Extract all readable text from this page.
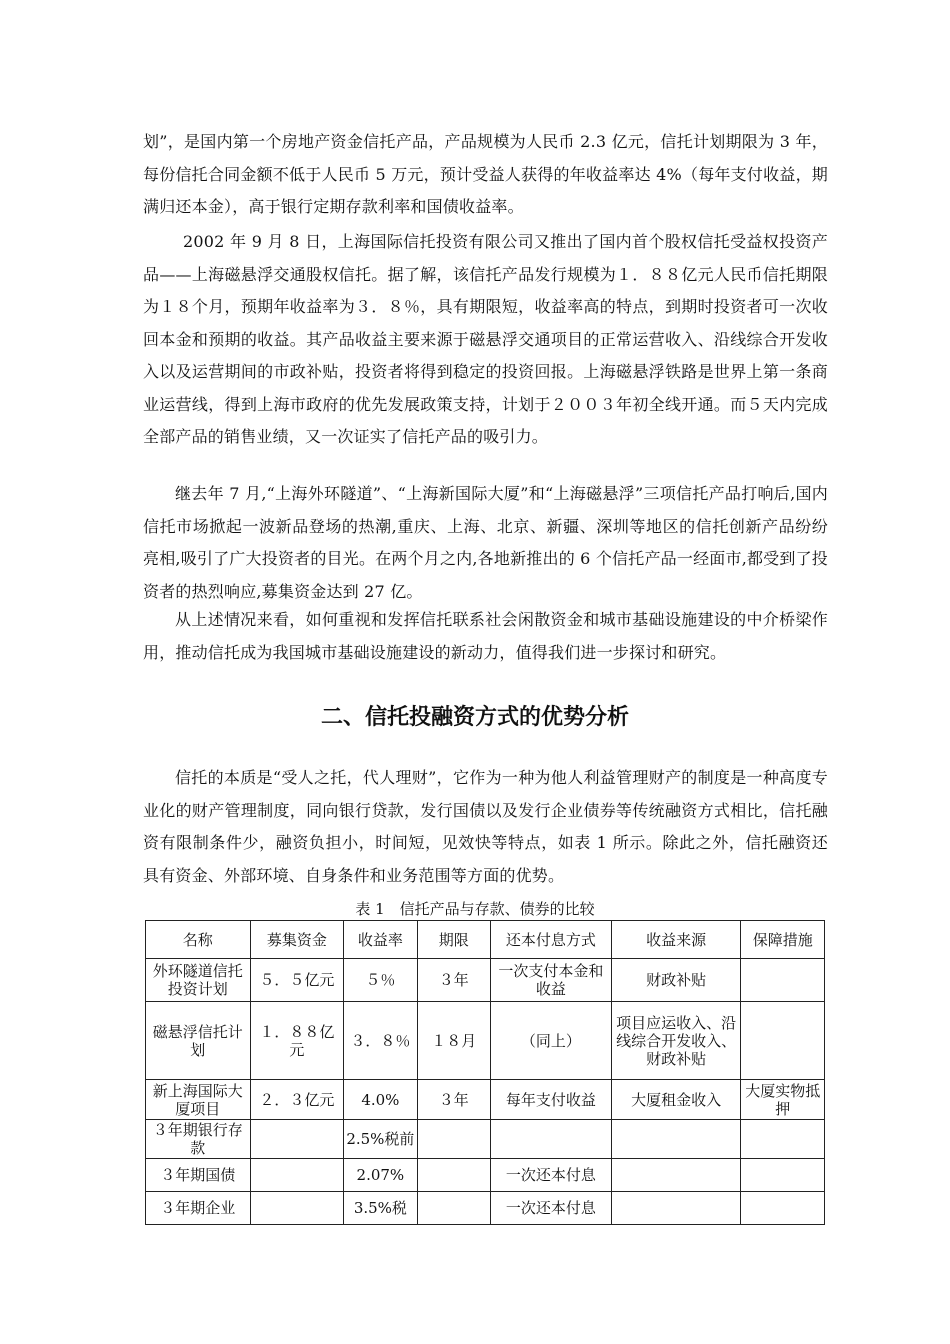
划”，是国内第一个房地产资金信托产品，产品规模为人民币 2.3 亿元，信托计划期限为 3 年，每份信托合同金额不低于人民币 5 万元，预计受益人获得的年收益率达 4%（每年支付收益，期满归还本金），高于银行定期存款利率和国债收益率。

2002 年 9 月 8 日，上海国际信托投资有限公司又推出了国内首个股权信托受益权投资产品——上海磁悬浮交通股权信托。据了解，该信托产品发行规模为１．８８亿元人民币信托期限为１８个月，预期年收益率为３．８％，具有期限短，收益率高的特点，到期时投资者可一次收回本金和预期的收益。其产品收益主要来源于磁悬浮交通项目的正常运营收入、沿线综合开发收入以及运营期间的市政补贴，投资者将得到稳定的投资回报。上海磁悬浮铁路是世界上第一条商业运营线，得到上海市政府的优先发展政策支持，计划于２００３年初全线开通。而５天内完成全部产品的销售业绩，又一次证实了信托产品的吸引力。

继去年 7 月,“上海外环隧道”、“上海新国际大厦”和“上海磁悬浮”三项信托产品打响后,国内信托市场掀起一波新品登场的热潮,重庆、上海、北京、新疆、深圳等地区的信托创新产品纷纷亮相,吸引了广大投资者的目光。在两个月之内,各地新推出的 6 个信托产品一经面市,都受到了投资者的热烈响应,募集资金达到 27 亿。

从上述情况来看，如何重视和发挥信托联系社会闲散资金和城市基础设施建设的中介桥梁作用，推动信托成为我国城市基础设施建设的新动力，值得我们进一步探讨和研究。

二、信托投融资方式的优势分析

信托的本质是“受人之托，代人理财”，它作为一种为他人利益管理财产的制度是一种高度专业化的财产管理制度，同向银行贷款，发行国债以及发行企业债券等传统融资方式相比，信托融资有限制条件少，融资负担小，时间短，见效快等特点，如表 1 所示。除此之外，信托融资还具有资金、外部环境、自身条件和业务范围等方面的优势。

表 1　信托产品与存款、债券的比较

名称	募集资金	收益率	期限	还本付息方式	收益来源	保障措施
外环隧道信托投资计划	５．５亿元	５％	３年	一次支付本金和收益	财政补贴	
磁悬浮信托计划	１．８８亿元	３．８％	１８月	（同上）	项目应运收入、沿线综合开发收入、财政补贴	
新上海国际大厦项目	２．３亿元	4.0%	３年	每年支付收益	大厦租金收入	大厦实物抵押
３年期银行存款		2.5%税前				
３年期国债		2.07%		一次还本付息		
３年期企业		3.5%税		一次还本付息		
